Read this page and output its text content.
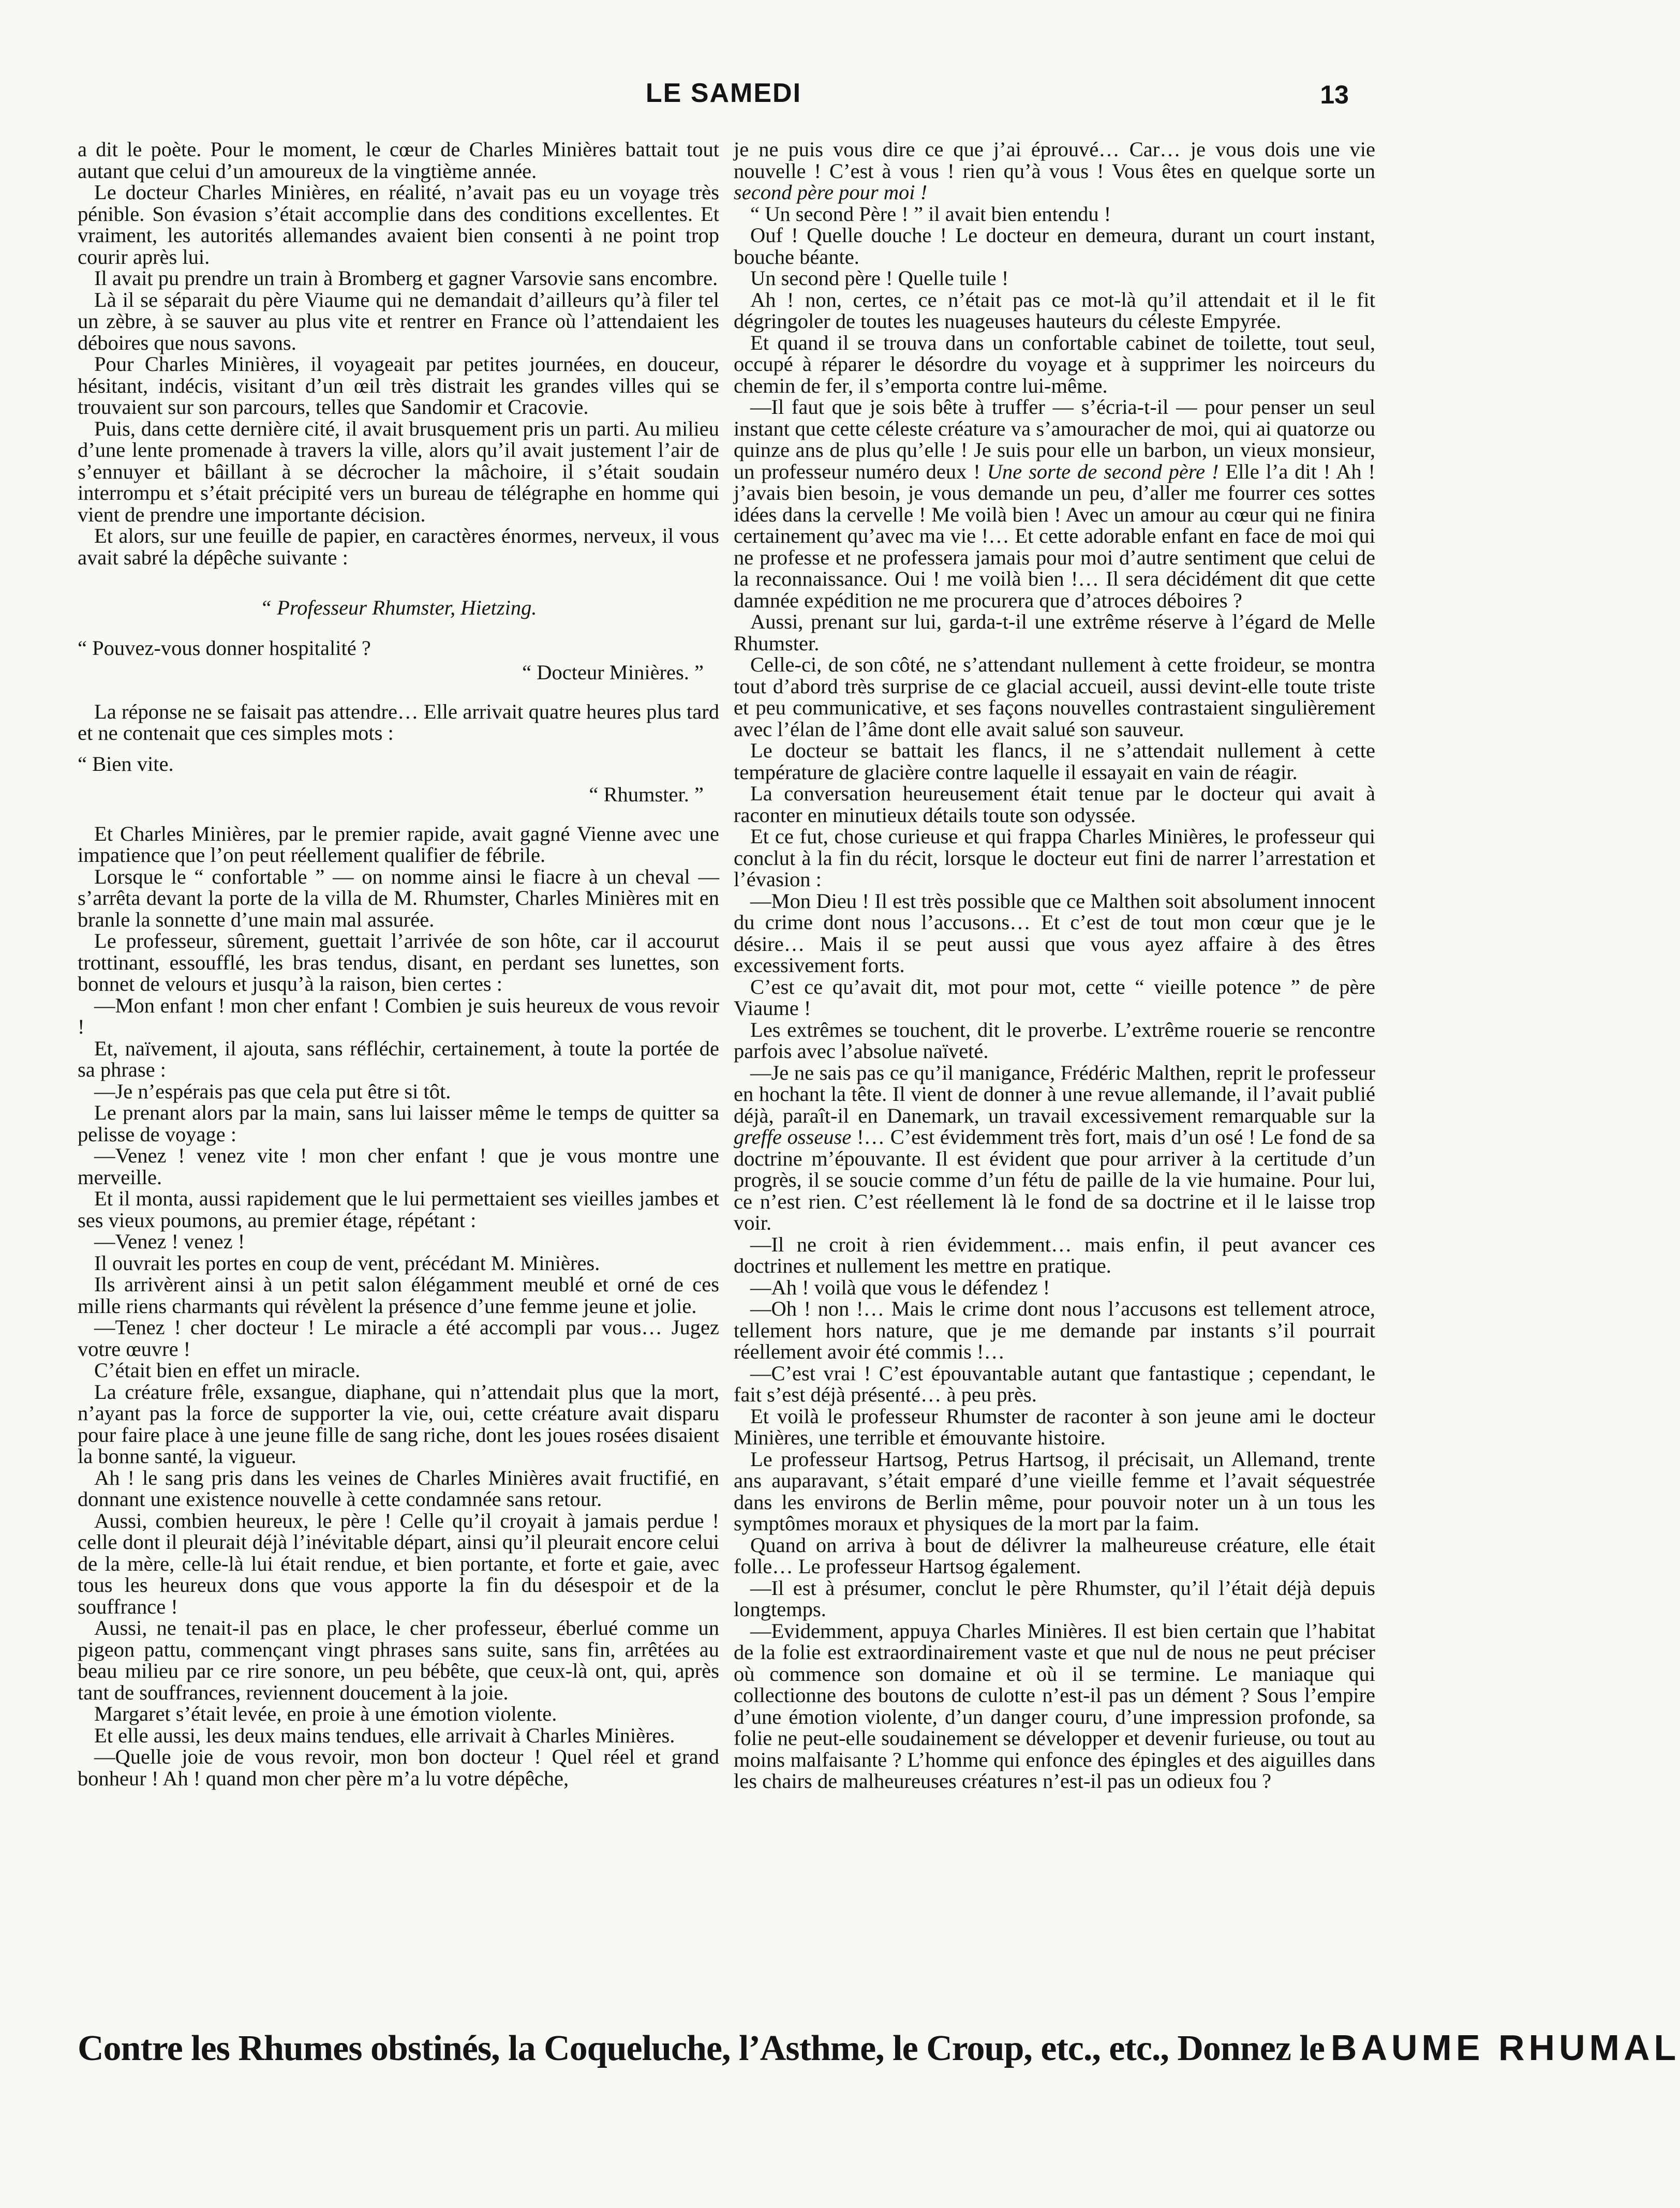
LE SAMEDI	13

a dit le poète. Pour le moment, le cœur de Charles Minières battait tout autant que celui d’un amoureux de la vingtième année.

Le docteur Charles Minières, en réalité, n’avait pas eu un voyage très pénible. Son évasion s’était accomplie dans des conditions excellentes. Et vraiment, les autorités allemandes avaient bien consenti à ne point trop courir après lui.

Il avait pu prendre un train à Bromberg et gagner Varsovie sans encombre.

Là il se séparait du père Viaume qui ne demandait d’ailleurs qu’à filer tel un zèbre, à se sauver au plus vite et rentrer en France où l’attendaient les déboires que nous savons.

Pour Charles Minières, il voyageait par petites journées, en douceur, hésitant, indécis, visitant d’un œil très distrait les grandes villes qui se trouvaient sur son parcours, telles que Sandomir et Cracovie.

Puis, dans cette dernière cité, il avait brusquement pris un parti. Au milieu d’une lente promenade à travers la ville, alors qu’il avait justement l’air de s’ennuyer et bâillant à se décrocher la mâchoire, il s’était soudain interrompu et s’était précipité vers un bureau de télégraphe en homme qui vient de prendre une importante décision.

Et alors, sur une feuille de papier, en caractères énormes, nerveux, il vous avait sabré la dépêche suivante :

“ Professeur Rhumster, Hietzing.

“ Pouvez-vous donner hospitalité ?

“ Docteur Minières. ”

La réponse ne se faisait pas attendre… Elle arrivait quatre heures plus tard et ne contenait que ces simples mots :

“ Bien vite.

“ Rhumster. ”

Et Charles Minières, par le premier rapide, avait gagné Vienne avec une impatience que l’on peut réellement qualifier de fébrile.

Lorsque le “ confortable ” — on nomme ainsi le fiacre à un cheval — s’arrêta devant la porte de la villa de M. Rhumster, Charles Minières mit en branle la sonnette d’une main mal assurée.

Le professeur, sûrement, guettait l’arrivée de son hôte, car il accourut trottinant, essoufflé, les bras tendus, disant, en perdant ses lunettes, son bonnet de velours et jusqu’à la raison, bien certes :

—Mon enfant ! mon cher enfant ! Combien je suis heureux de vous revoir !

Et, naïvement, il ajouta, sans réfléchir, certainement, à toute la portée de sa phrase :

—Je n’espérais pas que cela put être si tôt.

Le prenant alors par la main, sans lui laisser même le temps de quitter sa pelisse de voyage :

—Venez ! venez vite ! mon cher enfant ! que je vous montre une merveille.

Et il monta, aussi rapidement que le lui permettaient ses vieilles jambes et ses vieux poumons, au premier étage, répétant :

—Venez ! venez !

Il ouvrait les portes en coup de vent, précédant M. Minières.

Ils arrivèrent ainsi à un petit salon élégamment meublé et orné de ces mille riens charmants qui révèlent la présence d’une femme jeune et jolie.

—Tenez ! cher docteur ! Le miracle a été accompli par vous… Jugez votre œuvre !

C’était bien en effet un miracle.

La créature frêle, exsangue, diaphane, qui n’attendait plus que la mort, n’ayant pas la force de supporter la vie, oui, cette créature avait disparu pour faire place à une jeune fille de sang riche, dont les joues rosées disaient la bonne santé, la vigueur.

Ah ! le sang pris dans les veines de Charles Minières avait fructifié, en donnant une existence nouvelle à cette condamnée sans retour.

Aussi, combien heureux, le père ! Celle qu’il croyait à jamais perdue ! celle dont il pleurait déjà l’inévitable départ, ainsi qu’il pleurait encore celui de la mère, celle-là lui était rendue, et bien portante, et forte et gaie, avec tous les heureux dons que vous apporte la fin du désespoir et de la souffrance !

Aussi, ne tenait-il pas en place, le cher professeur, éberlué comme un pigeon pattu, commençant vingt phrases sans suite, sans fin, arrêtées au beau milieu par ce rire sonore, un peu bébête, que ceux-là ont, qui, après tant de souffrances, reviennent doucement à la joie.

Margaret s’était levée, en proie à une émotion violente.

Et elle aussi, les deux mains tendues, elle arrivait à Charles Minières.

—Quelle joie de vous revoir, mon bon docteur ! Quel réel et grand bonheur ! Ah ! quand mon cher père m’a lu votre dépêche,

je ne puis vous dire ce que j’ai éprouvé… Car… je vous dois une vie nouvelle ! C’est à vous ! rien qu’à vous ! Vous êtes en quelque sorte un second père pour moi !

“ Un second Père ! ” il avait bien entendu !

Ouf ! Quelle douche ! Le docteur en demeura, durant un court instant, bouche béante.

Un second père ! Quelle tuile !

Ah ! non, certes, ce n’était pas ce mot-là qu’il attendait et il le fit dégringoler de toutes les nuageuses hauteurs du céleste Empyrée.

Et quand il se trouva dans un confortable cabinet de toilette, tout seul, occupé à réparer le désordre du voyage et à supprimer les noirceurs du chemin de fer, il s’emporta contre lui-même.

—Il faut que je sois bête à truffer — s’écria-t-il — pour penser un seul instant que cette céleste créature va s’amouracher de moi, qui ai quatorze ou quinze ans de plus qu’elle ! Je suis pour elle un barbon, un vieux monsieur, un professeur numéro deux ! Une sorte de second père ! Elle l’a dit ! Ah ! j’avais bien besoin, je vous demande un peu, d’aller me fourrer ces sottes idées dans la cervelle ! Me voilà bien ! Avec un amour au cœur qui ne finira certainement qu’avec ma vie !… Et cette adorable enfant en face de moi qui ne professe et ne professera jamais pour moi d’autre sentiment que celui de la reconnaissance. Oui ! me voilà bien !… Il sera décidément dit que cette damnée expédition ne me procurera que d’atroces déboires ?

Aussi, prenant sur lui, garda-t-il une extrême réserve à l’égard de Melle Rhumster.

Celle-ci, de son côté, ne s’attendant nullement à cette froideur, se montra tout d’abord très surprise de ce glacial accueil, aussi devint-elle toute triste et peu communicative, et ses façons nouvelles contrastaient singulièrement avec l’élan de l’âme dont elle avait salué son sauveur.

Le docteur se battait les flancs, il ne s’attendait nullement à cette température de glacière contre laquelle il essayait en vain de réagir.

La conversation heureusement était tenue par le docteur qui avait à raconter en minutieux détails toute son odyssée.

Et ce fut, chose curieuse et qui frappa Charles Minières, le professeur qui conclut à la fin du récit, lorsque le docteur eut fini de narrer l’arrestation et l’évasion :

—Mon Dieu ! Il est très possible que ce Malthen soit absolument innocent du crime dont nous l’accusons… Et c’est de tout mon cœur que je le désire… Mais il se peut aussi que vous ayez affaire à des êtres excessivement forts.

C’est ce qu’avait dit, mot pour mot, cette “ vieille potence ” de père Viaume !

Les extrêmes se touchent, dit le proverbe. L’extrême rouerie se rencontre parfois avec l’absolue naïveté.

—Je ne sais pas ce qu’il manigance, Frédéric Malthen, reprit le professeur en hochant la tête. Il vient de donner à une revue allemande, il l’avait publié déjà, paraît-il en Danemark, un travail excessivement remarquable sur la greffe osseuse !… C’est évidemment très fort, mais d’un osé ! Le fond de sa doctrine m’épouvante. Il est évident que pour arriver à la certitude d’un progrès, il se soucie comme d’un fétu de paille de la vie humaine. Pour lui, ce n’est rien. C’est réellement là le fond de sa doctrine et il le laisse trop voir.

—Il ne croit à rien évidemment… mais enfin, il peut avancer ces doctrines et nullement les mettre en pratique.

—Ah ! voilà que vous le défendez !

—Oh ! non !… Mais le crime dont nous l’accusons est tellement atroce, tellement hors nature, que je me demande par instants s’il pourrait réellement avoir été commis !…

—C’est vrai ! C’est épouvantable autant que fantastique ; cependant, le fait s’est déjà présenté… à peu près.

Et voilà le professeur Rhumster de raconter à son jeune ami le docteur Minières, une terrible et émouvante histoire.

Le professeur Hartsog, Petrus Hartsog, il précisait, un Allemand, trente ans auparavant, s’était emparé d’une vieille femme et l’avait séquestrée dans les environs de Berlin même, pour pouvoir noter un à un tous les symptômes moraux et physiques de la mort par la faim.

Quand on arriva à bout de délivrer la malheureuse créature, elle était folle… Le professeur Hartsog également.

—Il est à présumer, conclut le père Rhumster, qu’il l’était déjà depuis longtemps.

—Evidemment, appuya Charles Minières. Il est bien certain que l’habitat de la folie est extraordinairement vaste et que nul de nous ne peut préciser où commence son domaine et où il se termine. Le maniaque qui collectionne des boutons de culotte n’est-il pas un dément ? Sous l’empire d’une émotion violente, d’un danger couru, d’une impression profonde, sa folie ne peut-elle soudainement se développer et devenir furieuse, ou tout au moins malfaisante ? L’homme qui enfonce des épingles et des aiguilles dans les chairs de malheureuses créatures n’est-il pas un odieux fou ?

Contre les Rhumes obstinés, la Coqueluche, l’Asthme, le Croup, etc., etc., Donnez le BAUME RHUMAL
